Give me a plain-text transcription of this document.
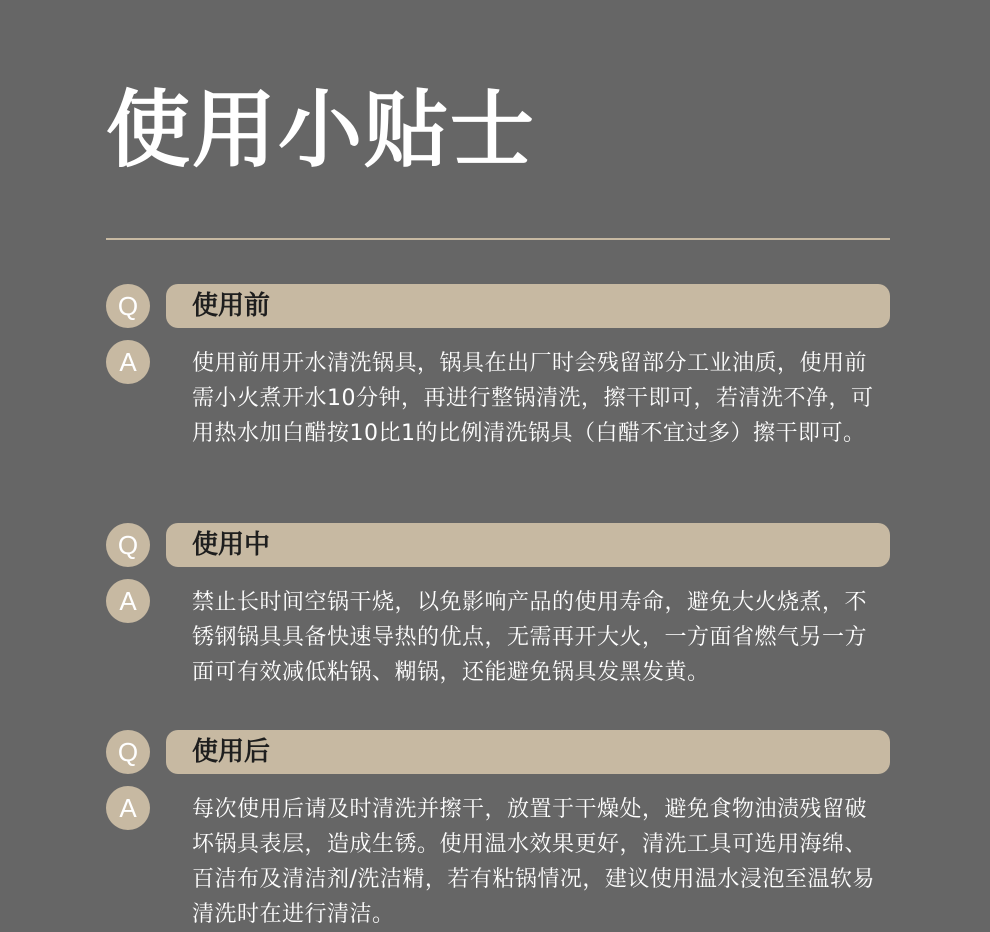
使用小贴士
Q	使用前
A	使用前用开水清洗锅具，锅具在出厂时会残留部分工业油质，使用前需小火煮开水10分钟，再进行整锅清洗，擦干即可，若清洗不净，可用热水加白醋按10比1的比例清洗锅具（白醋不宜过多）擦干即可。

Q	使用中
A	禁止长时间空锅干烧，以免影响产品的使用寿命，避免大火烧煮，不锈钢锅具具备快速导热的优点，无需再开大火，一方面省燃气另一方面可有效减低粘锅、糊锅，还能避免锅具发黑发黄。

Q	使用后
A	每次使用后请及时清洗并擦干，放置于干燥处，避免食物油渍残留破坏锅具表层，造成生锈。使用温水效果更好，清洗工具可选用海绵、百洁布及清洁剂/洗洁精，若有粘锅情况，建议使用温水浸泡至温软易清洗时在进行清洁。
